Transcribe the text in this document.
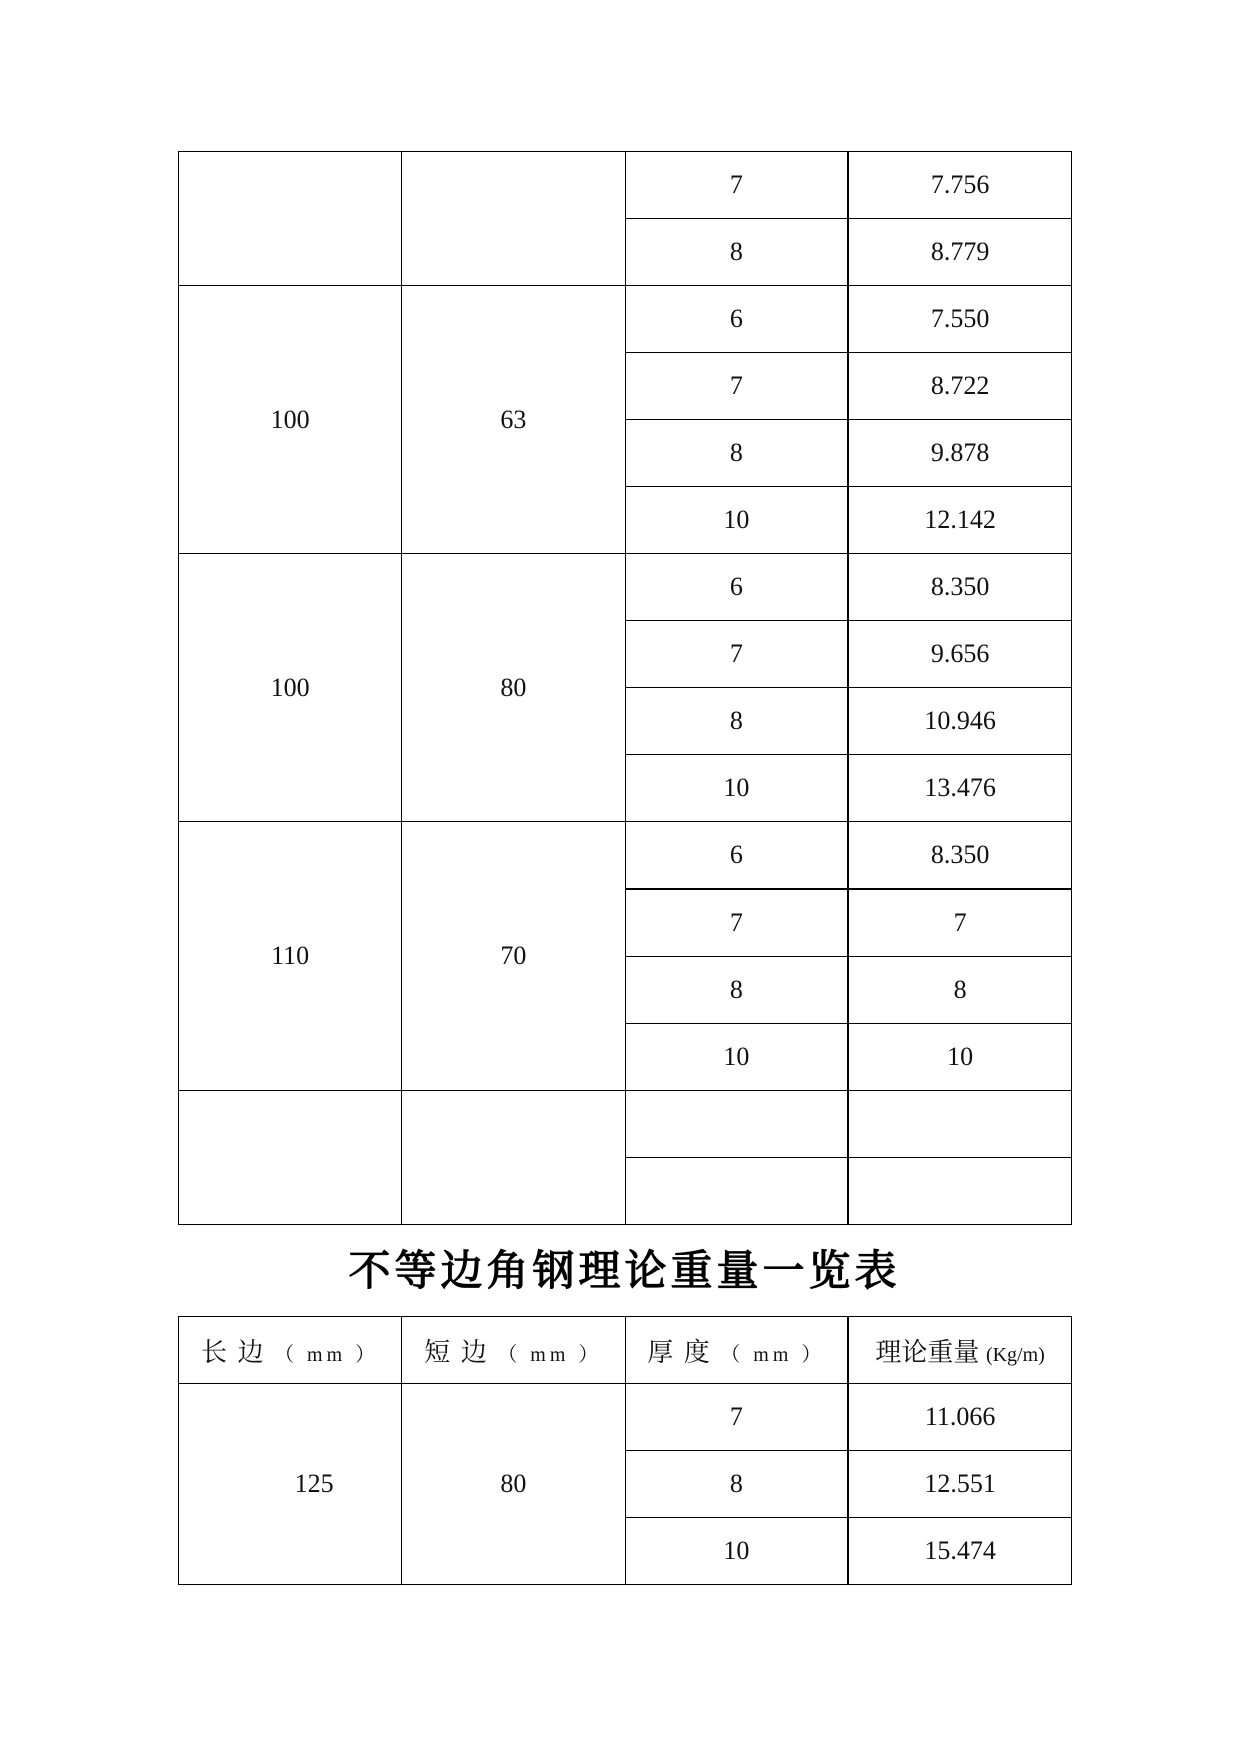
		7	7.756
		8	8.779
100	63	6	7.550
		7	8.722
		8	9.878
		10	12.142
100	80	6	8.350
		7	9.656
		8	10.946
		10	13.476
110	70	6	8.350
		7	7
		8	8
		10	10

不等边角钢理论重量一览表
长 边 （ mm ）	短 边 （ mm ）	厚 度 （ mm ）	理论重量 (Kg/m)
125	80	7	11.066
		8	12.551
		10	15.474
